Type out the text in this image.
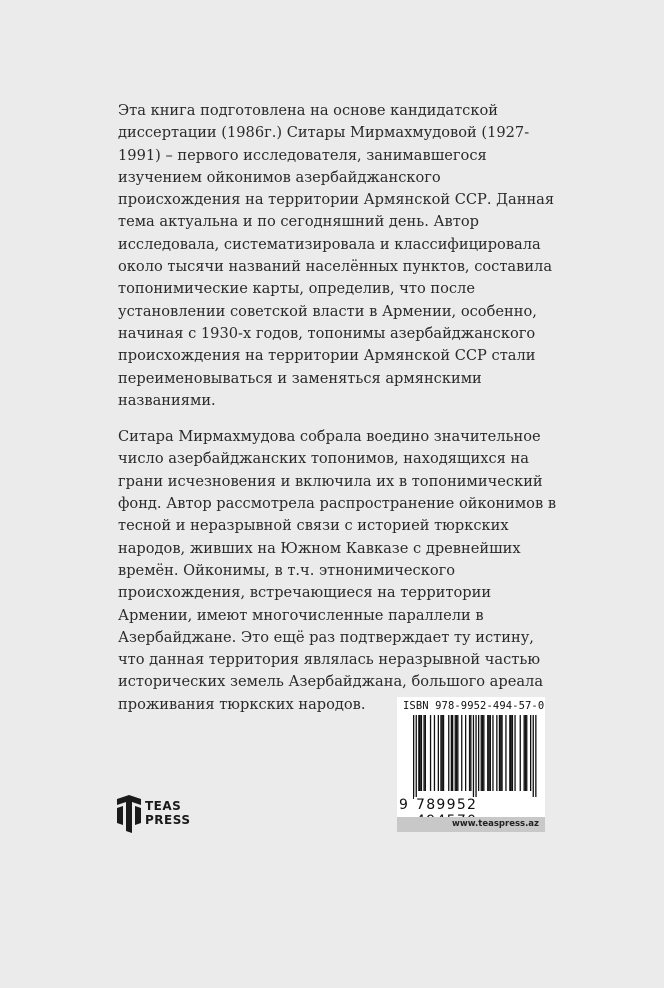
Эта книга подготовлена на основе кандидатской диссертации (1986г.) Ситары Мирмахмудовой (1927-1991) – первого исследователя, занимавшегося изучением ойконимов азербайджанского происхождения на территории Армянской ССР. Данная тема актуальна и по сегодняшний день. Автор исследовала, систематизировала и классифицировала около тысячи названий населённых пунктов, составила топонимические карты, определив, что после установлении советской власти в Армении, особенно, начиная с 1930-х годов, топонимы азербайджанского происхождения на территории Армянской ССР стали переименовываться и заменяться армянскими названиями.

Ситара Мирмахмудова собрала воедино значительное число азербайджанских топонимов, находящихся на грани исчезновения и включила их в топонимический фонд. Автор рассмотрела распространение ойконимов в тесной и неразрывной связи с историей тюркских народов, живших на Южном Кавказе с древнейших времён. Ойконимы, в т.ч. этнонимического происхождения, встречающиеся на территории Армении, имеют многочисленные параллели в Азербайджане. Это ещё раз подтверждает ту истину, что данная территория являлась неразрывной частью исторических земель Азербайджана, большого ареала проживания тюркских народов.

TEAS
PRESS
ISBN 978-9952-494-57-0
9 789952
www.teaspress.az
